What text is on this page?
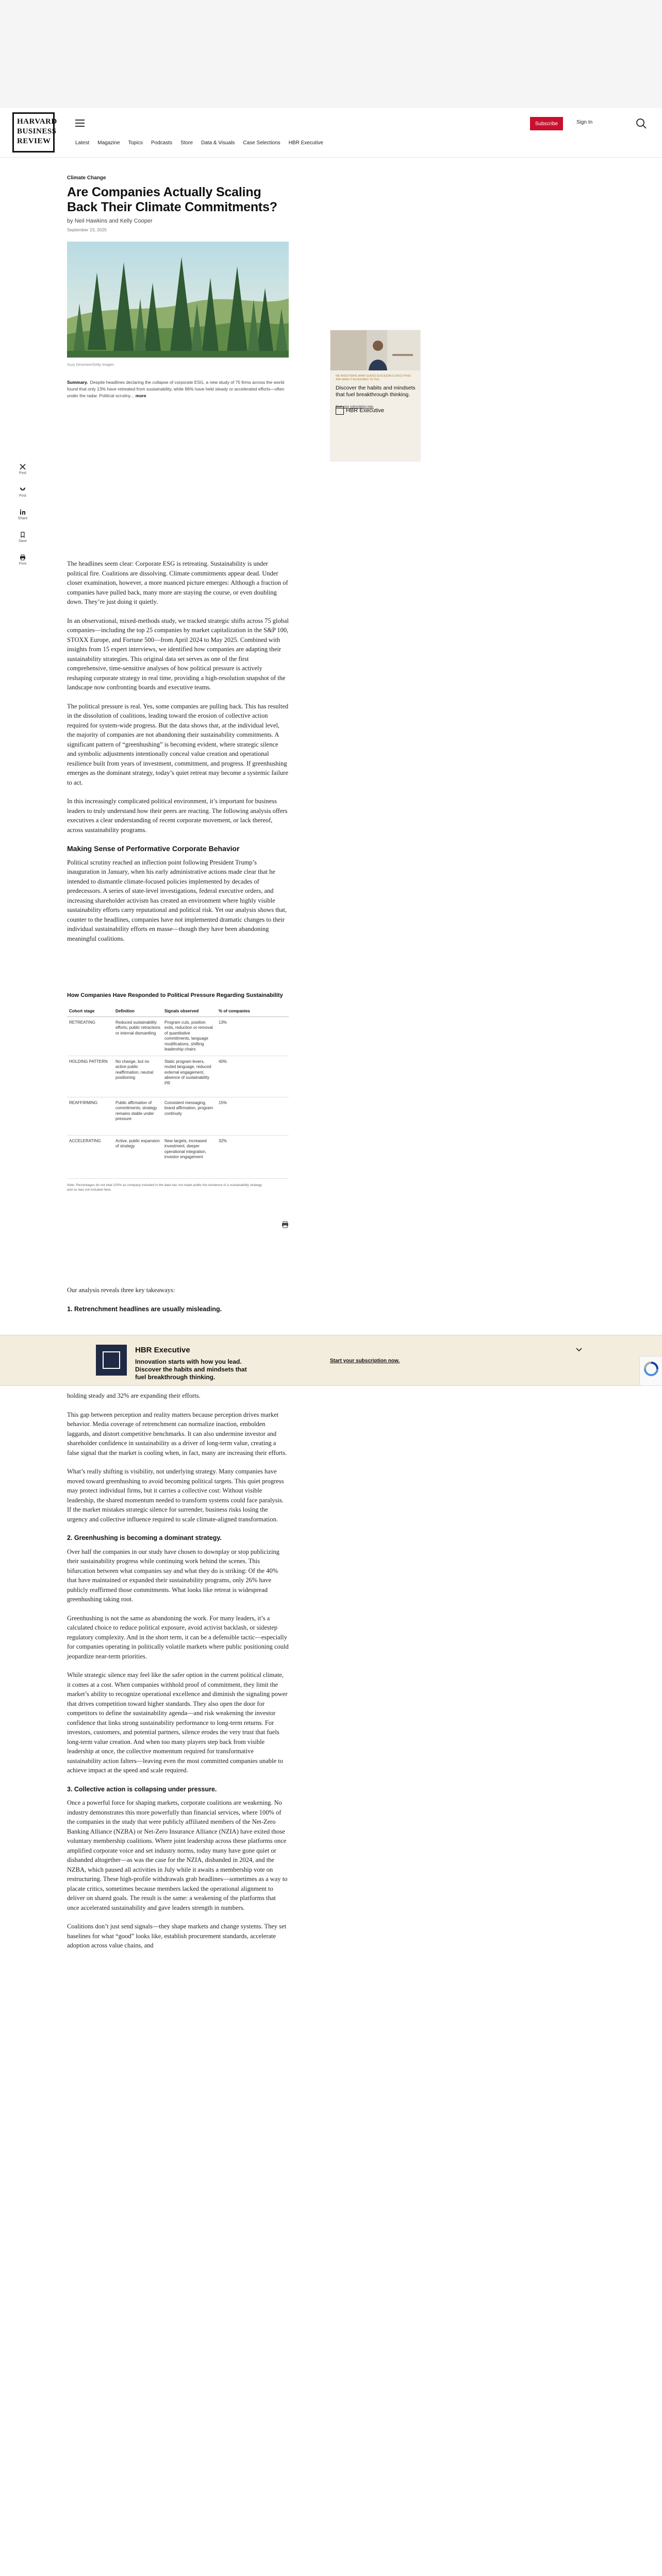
HARVARD
BUSINESS
REVIEW	Latest Magazine Topics Podcasts Store Data & Visuals Case Selections HBR Executive
Subscribe	Sign In
Post
Post
Share
Save
Print
Climate Change
Are Companies Actually Scaling Back Their Climate Commitments?
by Neil Hawkins and Kelly Cooper
September 23, 2025
Suzy Dinsmoor/Getty Images

Summary. Despite headlines declaring the collapse of corporate ESG, a new study of 75 firms across the world found that only 13% have retreated from sustainability, while 86% have held steady or accelerated efforts—often under the radar. Political scrutiny... more

WE INVESTIGATE WHAT GUIDES SUCCESSFUL EXECUTIVES AND MAKE IT ACCESSIBLE TO YOU.
Discover the habits and mindsets that fuel breakthrough thinking.
Start your subscription now.
HBR Executive

The headlines seem clear: Corporate ESG is retreating. Sustainability is under political fire. Coalitions are dissolving. Climate commitments appear dead. Under closer examination, however, a more nuanced picture emerges: Although a fraction of companies have pulled back, many more are staying the course, or even doubling down. They’re just doing it quietly.

In an observational, mixed-methods study, we tracked strategic shifts across 75 global companies—including the top 25 companies by market capitalization in the S&P 100, STOXX Europe, and Fortune 500—from April 2024 to May 2025. Combined with insights from 15 expert interviews, we identified how companies are adapting their sustainability strategies. This original data set serves as one of the first comprehensive, time-sensitive analyses of how political pressure is actively reshaping corporate strategy in real time, providing a high-resolution snapshot of the landscape now confronting boards and executive teams.

The political pressure is real. Yes, some companies are pulling back. This has resulted in the dissolution of coalitions, leading toward the erosion of collective action required for system-wide progress. But the data shows that, at the individual level, the majority of companies are not abandoning their sustainability commitments. A significant pattern of “greenhushing” is becoming evident, where strategic silence and symbolic adjustments intentionally conceal value creation and operational resilience built from years of investment, commitment, and progress. If greenhushing emerges as the dominant strategy, today’s quiet retreat may become a systemic failure to act.

In this increasingly complicated political environment, it’s important for business leaders to truly understand how their peers are reacting. The following analysis offers executives a clear understanding of recent corporate movement, or lack thereof, across sustainability programs.

Making Sense of Performative Corporate Behavior

Political scrutiny reached an inflection point following President Trump’s inauguration in January, when his early administrative actions made clear that he intended to dismantle climate-focused policies implemented by decades of predecessors. A series of state-level investigations, federal executive orders, and increasing shareholder activism has created an environment where highly visible sustainability efforts carry reputational and political risk. Yet our analysis shows that, counter to the headlines, companies have not implemented dramatic changes to their individual sustainability efforts en masse—though they have been abandoning meaningful coalitions.

How Companies Have Responded to Political Pressure Regarding Sustainability
Cohort stage	Definition	Signals observed	% of companies
RETREATING	Reduced sustainability efforts; public retractions or internal dismantling	Program cuts, position exits, reduction or removal of quantitative commitments, language modifications, shifting leadership chairs	13%
HOLDING PATTERN	No change, but no active public reaffirmation, neutral positioning	Static program levers, muted language, reduced external engagement, absence of sustainability PR	40%
REAFFIRMING	Public affirmation of commitments; strategy remains stable under pressure	Consistent messaging, brand affirmation, program continuity	15%
ACCELERATING	Active, public expansion of strategy	New targets, increased investment, deeper operational integration, investor engagement	32%
Note: Percentages do not total 100% as company included in the data has not made public the existence of a sustainability strategy and so was not included here.

Our analysis reveals three key takeaways:

1. Retrenchment headlines are usually misleading.
HBR Executive
Innovation starts with how you lead. Discover the habits and mindsets that fuel breakthrough thinking.
Start your subscription now.

holding steady and 32% are expanding their efforts.

This gap between perception and reality matters because perception drives market behavior. Media coverage of retrenchment can normalize inaction, embolden laggards, and distort competitive benchmarks. It can also undermine investor and shareholder confidence in sustainability as a driver of long-term value, creating a false signal that the market is cooling when, in fact, many are increasing their efforts.

What’s really shifting is visibility, not underlying strategy. Many companies have moved toward greenhushing to avoid becoming political targets. This quiet progress may protect individual firms, but it carries a collective cost: Without visible leadership, the shared momentum needed to transform systems could face paralysis. If the market mistakes strategic silence for surrender, business risks losing the urgency and collective influence required to scale climate-aligned transformation.

2. Greenhushing is becoming a dominant strategy.

Over half the companies in our study have chosen to downplay or stop publicizing their sustainability progress while continuing work behind the scenes. This bifurcation between what companies say and what they do is striking: Of the 40% that have maintained or expanded their sustainability programs, only 26% have publicly reaffirmed those commitments. What looks like retreat is widespread greenhushing taking root.

Greenhushing is not the same as abandoning the work. For many leaders, it’s a calculated choice to reduce political exposure, avoid activist backlash, or sidestep regulatory complexity. And in the short term, it can be a defensible tactic—especially for companies operating in politically volatile markets where public positioning could jeopardize near-term priorities.

While strategic silence may feel like the safer option in the current political climate, it comes at a cost. When companies withhold proof of commitment, they limit the market’s ability to recognize operational excellence and diminish the signaling power that drives competition toward higher standards. They also open the door for competitors to define the sustainability agenda—and risk weakening the investor confidence that links strong sustainability performance to long-term returns. For investors, customers, and potential partners, silence erodes the very trust that fuels long-term value creation. And when too many players step back from visible leadership at once, the collective momentum required for transformative sustainability action falters—leaving even the most committed companies unable to achieve impact at the speed and scale required.

3. Collective action is collapsing under pressure.

Once a powerful force for shaping markets, corporate coalitions are weakening. No industry demonstrates this more powerfully than financial services, where 100% of the companies in the study that were publicly affiliated members of the Net-Zero Banking Alliance (NZBA) or Net-Zero Insurance Alliance (NZIA) have exited those voluntary membership coalitions. Where joint leadership across these platforms once amplified corporate voice and set industry norms, today many have gone quiet or disbanded altogether—as was the case for the NZIA, disbanded in 2024, and the NZBA, which paused all activities in July while it awaits a membership vote on restructuring. These high-profile withdrawals grab headlines—sometimes as a way to placate critics, sometimes because members lacked the operational alignment to deliver on shared goals. The result is the same: a weakening of the platforms that once accelerated sustainability and gave leaders strength in numbers.

Coalitions don’t just send signals—they shape markets and change systems. They set baselines for what “good” looks like, establish procurement standards, accelerate adoption across value chains, and
